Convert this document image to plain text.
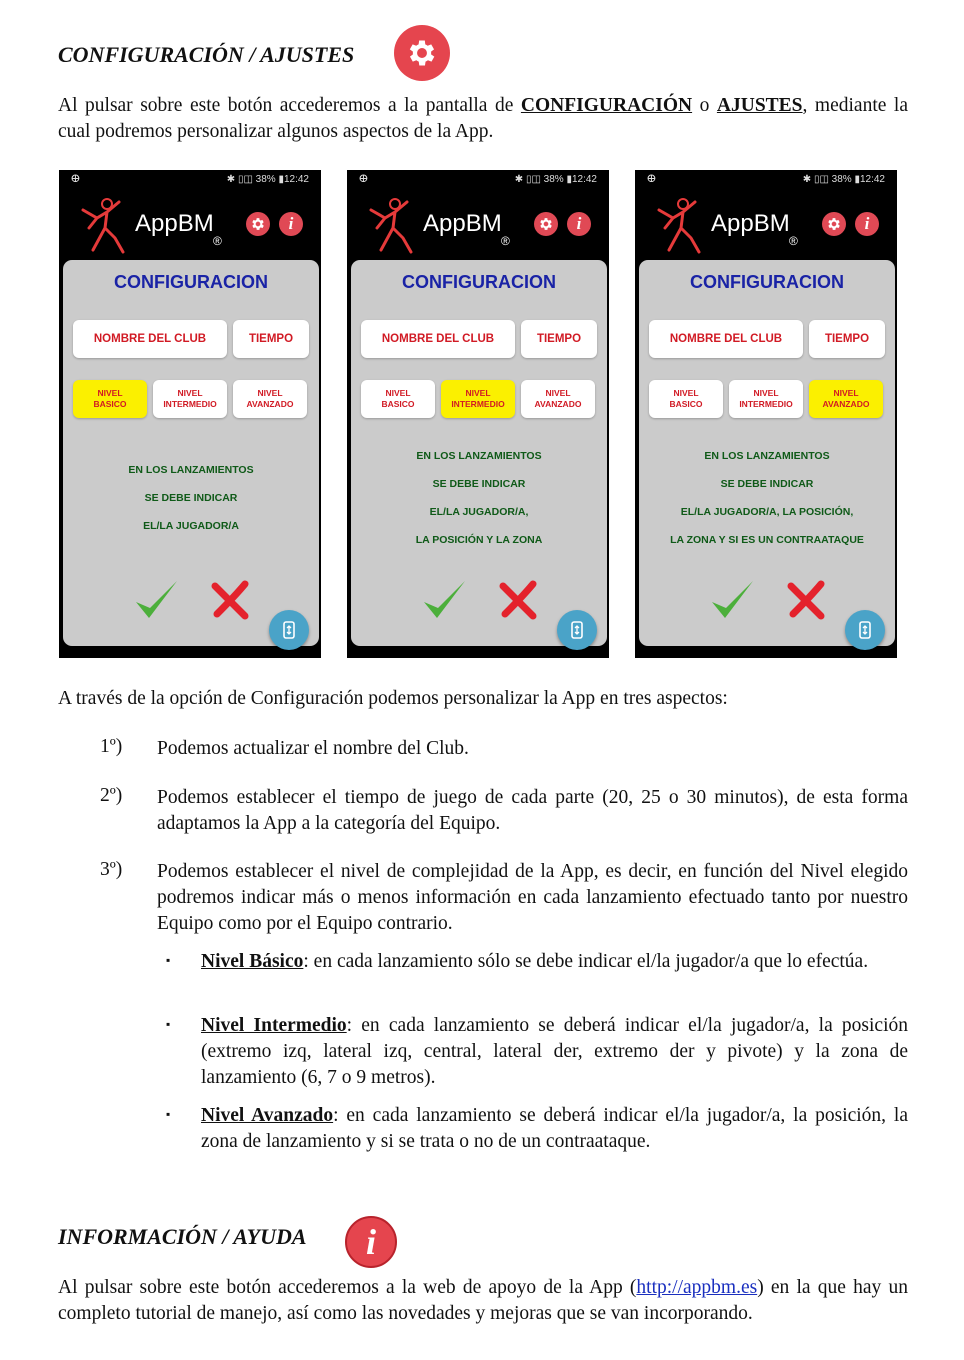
CONFIGURACIÓN / AJUSTES
Al pulsar sobre este botón accederemos a la pantalla de CONFIGURACIÓN o AJUSTES, mediante la cual podremos personalizar algunos aspectos de la App.
ⴲ	✱ ▯◫ 38% ▮12:42
AppBM
®
i
CONFIGURACION
NOMBRE DEL CLUB	TIEMPO
NIVEL
BASICO
NIVEL
INTERMEDIO
NIVEL
AVANZADO
EN LOS LANZAMIENTOS
SE DEBE INDICAR
EL/LA JUGADOR/A
ⴲ	✱ ▯◫ 38% ▮12:42
AppBM
®
i
CONFIGURACION
NOMBRE DEL CLUB	TIEMPO
NIVEL
BASICO
NIVEL
INTERMEDIO
NIVEL
AVANZADO
EN LOS LANZAMIENTOS
SE DEBE INDICAR
EL/LA JUGADOR/A,
LA POSICIÓN Y LA ZONA
ⴲ	✱ ▯◫ 38% ▮12:42
AppBM
®
i
CONFIGURACION
NOMBRE DEL CLUB	TIEMPO
NIVEL
BASICO
NIVEL
INTERMEDIO
NIVEL
AVANZADO
EN LOS LANZAMIENTOS
SE DEBE INDICAR
EL/LA JUGADOR/A, LA POSICIÓN,
LA ZONA Y SI ES UN CONTRAATAQUE
A través de la opción de Configuración podemos personalizar la App en tres aspectos:
1º) Podemos actualizar el nombre del Club.
2º) Podemos establecer el tiempo de juego de cada parte (20, 25 o 30 minutos), de esta forma adaptamos la App a la categoría del Equipo.
3º) Podemos establecer el nivel de complejidad de la App, es decir, en función del Nivel elegido podremos indicar más o menos información en cada lanzamiento efectuado tanto por nuestro Equipo como por el Equipo contrario.
▪ Nivel Básico: en cada lanzamiento sólo se debe indicar el/la jugador/a que lo efectúa.
▪ Nivel Intermedio: en cada lanzamiento se deberá indicar el/la jugador/a, la posición (extremo izq, lateral izq, central, lateral der, extremo der y pivote) y la zona de lanzamiento (6, 7 o 9 metros).
▪ Nivel Avanzado: en cada lanzamiento se deberá indicar el/la jugador/a, la posición, la zona de lanzamiento y si se trata o no de un contraataque.
INFORMACIÓN / AYUDA i
Al pulsar sobre este botón accederemos a la web de apoyo de la App (http://appbm.es) en la que hay un completo tutorial de manejo, así como las novedades y mejoras que se van incorporando.
